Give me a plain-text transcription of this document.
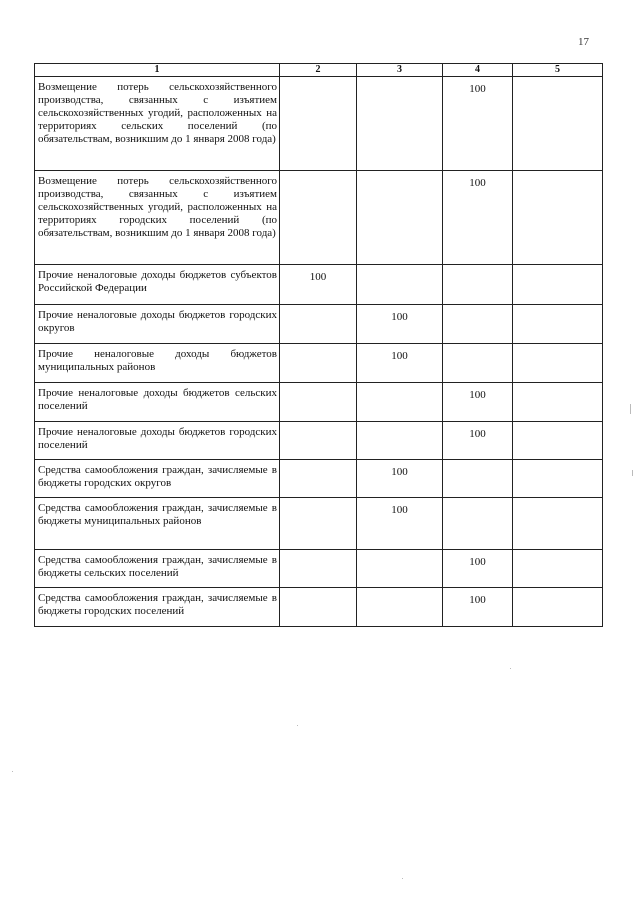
17
1	2	3	4	5
Возмещение потерь сельскохозяйственного производства, связанных с изъятием сельскохозяйственных угодий, расположенных на территориях сельских поселений (по обязательствам, возникшим до 1 января 2008 года)			100	
Возмещение потерь сельскохозяйственного производства, связанных с изъятием сельскохозяйственных угодий, расположенных на территориях городских поселений (по обязательствам, возникшим до 1 января 2008 года)			100	
Прочие неналоговые доходы бюджетов субъектов Российской Федерации	100			
Прочие неналоговые доходы бюджетов городских округов		100		
Прочие неналоговые доходы бюджетов муниципальных районов		100		
Прочие неналоговые доходы бюджетов сельских поселений			100	
Прочие неналоговые доходы бюджетов городских поселений			100	
Средства самообложения граждан, зачисляемые в бюджеты городских округов		100		
Средства самообложения граждан, зачисляемые в бюджеты муниципальных районов		100		
Средства самообложения граждан, зачисляемые в бюджеты сельских поселений			100	
Средства самообложения граждан, зачисляемые в бюджеты городских поселений			100	
